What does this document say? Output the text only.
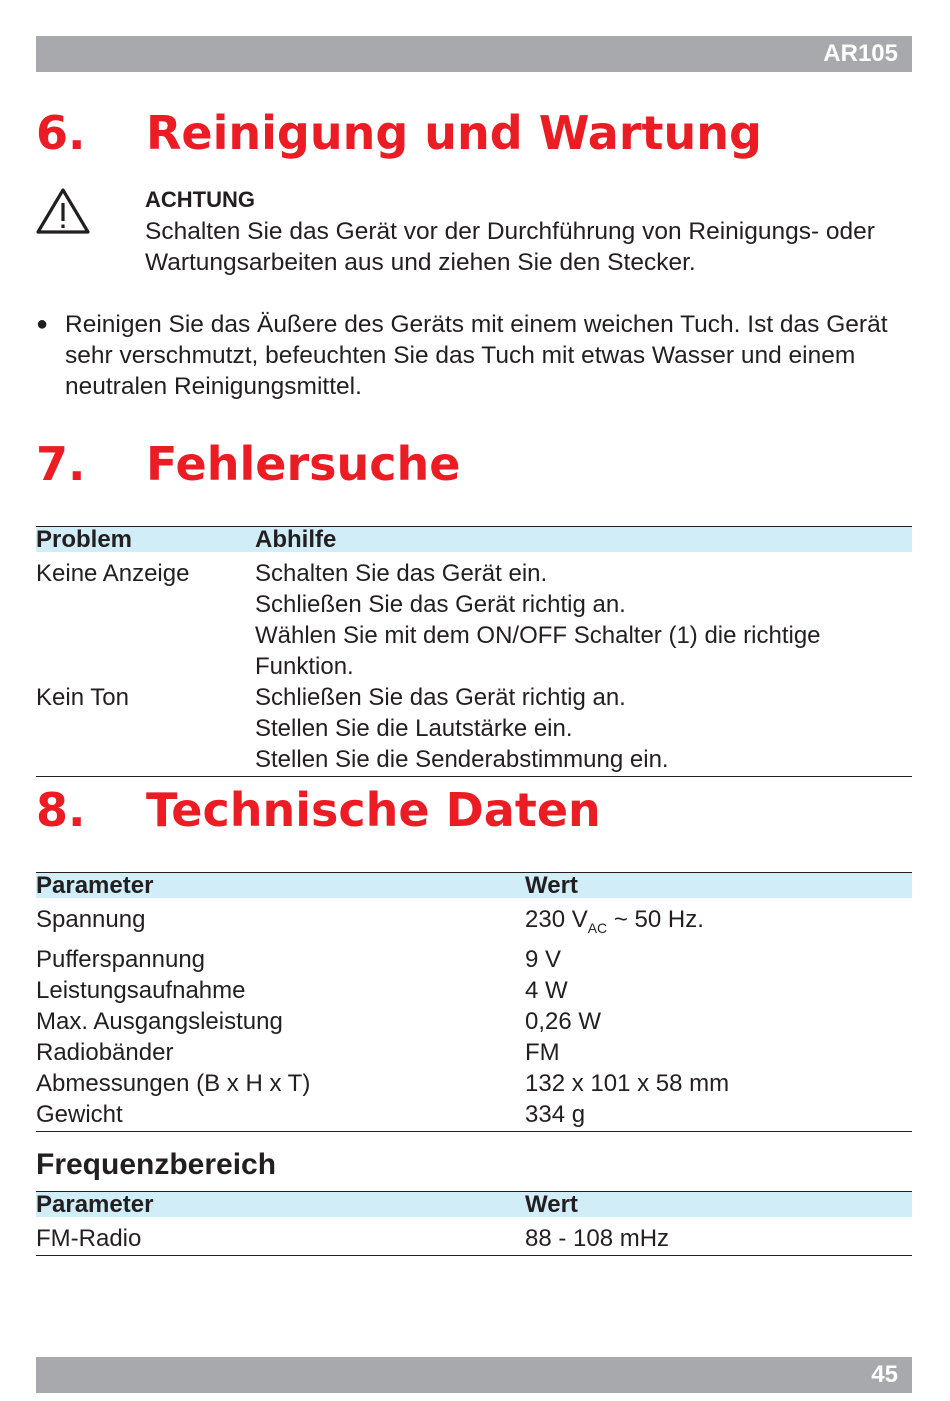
AR105
6. Reinigung und Wartung
ACHTUNG

Schalten Sie das Gerät vor der Durchführung von Reinigungs- oder Wartungsarbeiten aus und ziehen Sie den Stecker.

● Reinigen Sie das Äußere des Geräts mit einem weichen Tuch. Ist das Gerät sehr verschmutzt, befeuchten Sie das Tuch mit etwas Wasser und einem neutralen Reinigungsmittel.

7. Fehlersuche
Problem	Abhilfe
Keine Anzeige	Schalten Sie das Gerät ein.
	Schließen Sie das Gerät richtig an.
	Wählen Sie mit dem ON/OFF Schalter (1) die richtige Funktion.
Kein Ton	Schließen Sie das Gerät richtig an.
	Stellen Sie die Lautstärke ein.
	Stellen Sie die Senderabstimmung ein.
8. Technische Daten
Parameter	Wert
Spannung	230 $V_{AC}$ ~ 50 Hz.
Pufferspannung	9 V
Leistungsaufnahme	4 W
Max. Ausgangsleistung	0,26 W
Radiobänder	FM
Abmessungen (B x H x T)	132 x 101 x 58 mm
Gewicht	334 g
Frequenzbereich
Parameter	Wert
FM-Radio	88 - 108 mHz
45
